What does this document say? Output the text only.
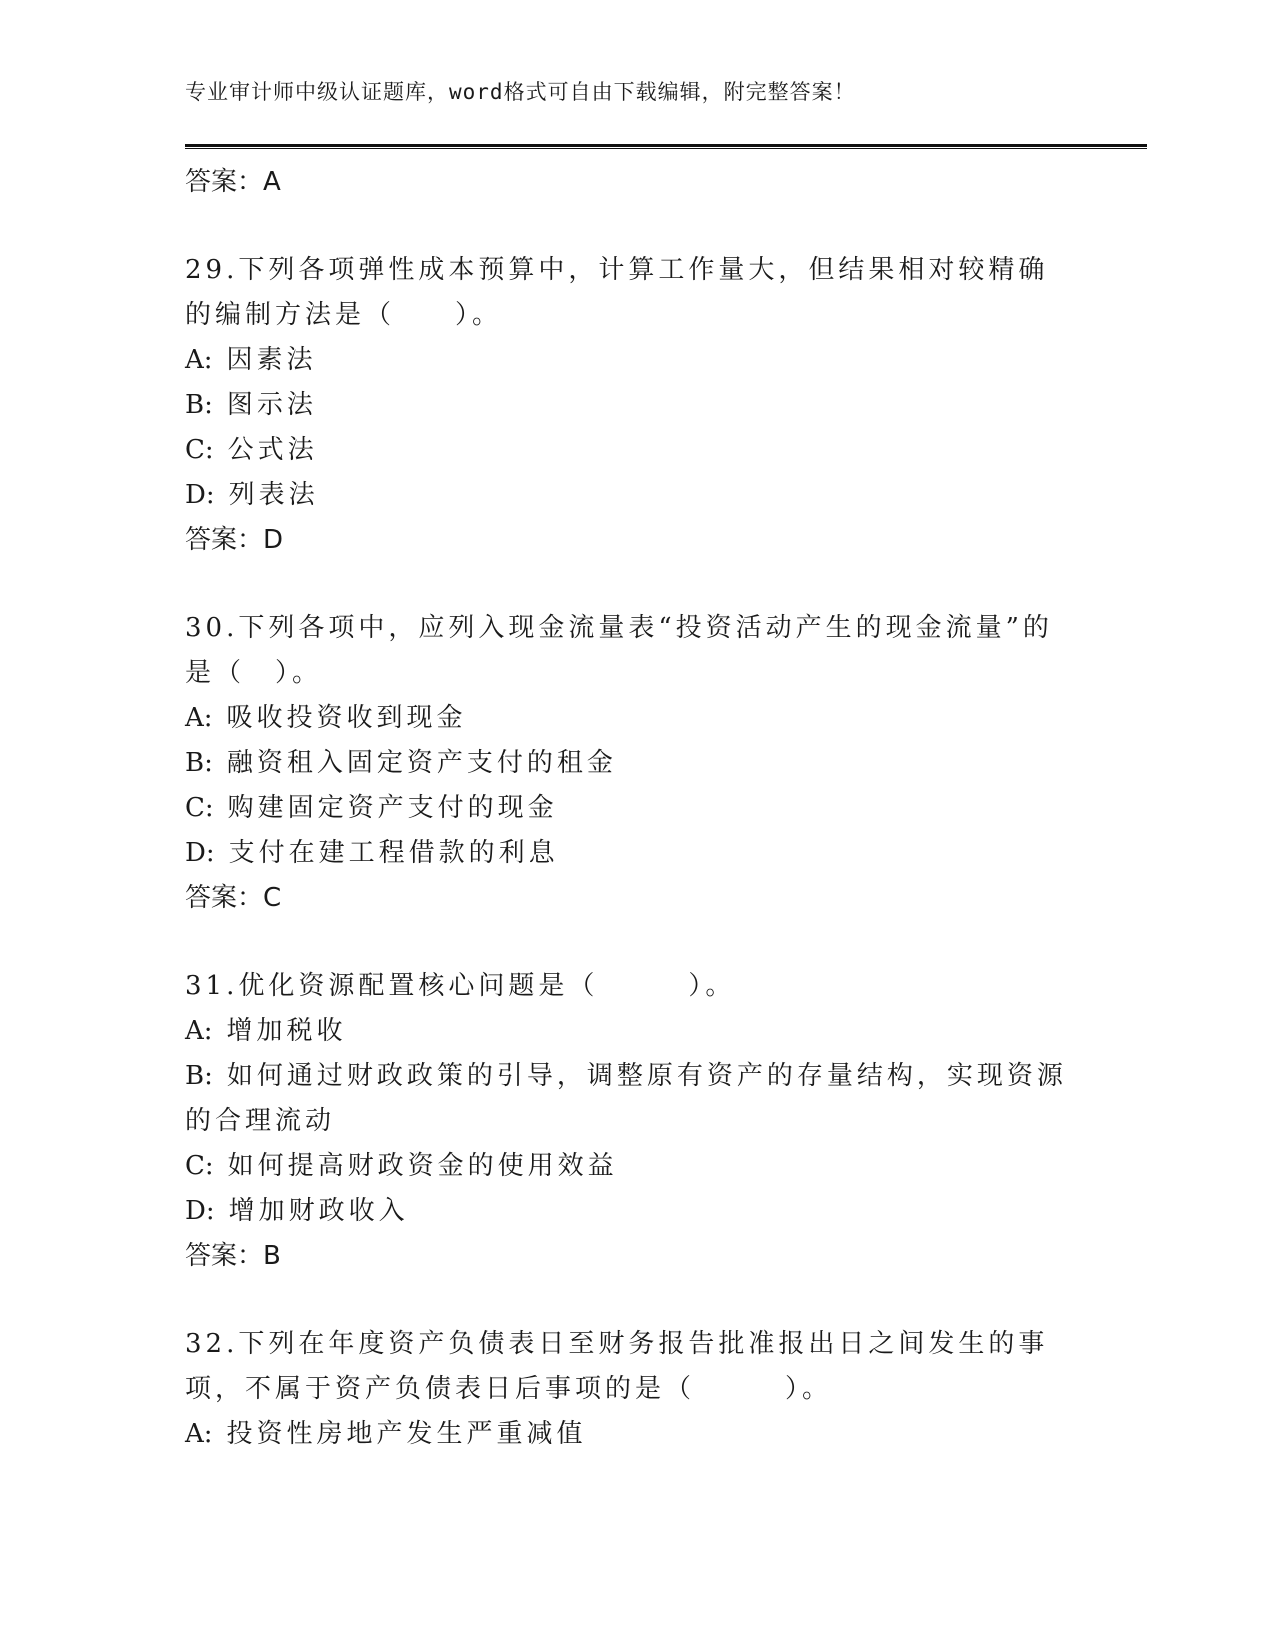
专业审计师中级认证题库，word格式可自由下载编辑，附完整答案！
答案：A
29.下列各项弹性成本预算中，计算工作量大，但结果相对较精确的编制方法是（　　）。
A: 因素法
B: 图示法
C: 公式法
D: 列表法
答案：D
30.下列各项中，应列入现金流量表“投资活动产生的现金流量”的是（　）。
A: 吸收投资收到现金
B: 融资租入固定资产支付的租金
C: 购建固定资产支付的现金
D: 支付在建工程借款的利息
答案：C
31.优化资源配置核心问题是（　　　）。
A: 增加税收
B: 如何通过财政政策的引导，调整原有资产的存量结构，实现资源的合理流动
C: 如何提高财政资金的使用效益
D: 增加财政收入
答案：B
32.下列在年度资产负债表日至财务报告批准报出日之间发生的事项，不属于资产负债表日后事项的是（　　　）。
A: 投资性房地产发生严重减值
